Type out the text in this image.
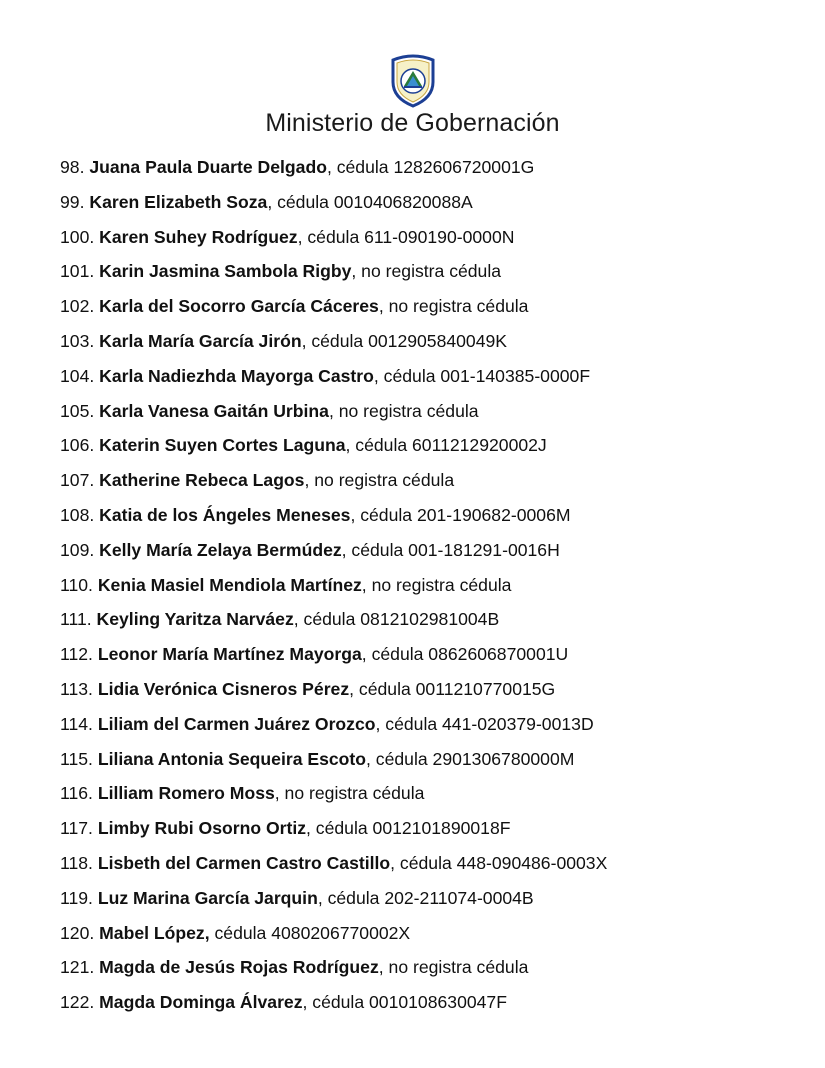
Ministerio de Gobernación
98. Juana Paula Duarte Delgado, cédula 1282606720001G
99. Karen Elizabeth Soza, cédula 0010406820088A
100. Karen Suhey Rodríguez, cédula 611-090190-0000N
101. Karin Jasmina Sambola Rigby, no registra cédula
102. Karla del Socorro García Cáceres, no registra cédula
103. Karla María García Jirón, cédula 0012905840049K
104. Karla Nadiezhda Mayorga Castro, cédula 001-140385-0000F
105. Karla Vanesa Gaitán Urbina, no registra cédula
106. Katerin Suyen Cortes Laguna, cédula 6011212920002J
107. Katherine Rebeca Lagos, no registra cédula
108. Katia de los Ángeles Meneses, cédula 201-190682-0006M
109. Kelly María Zelaya Bermúdez, cédula 001-181291-0016H
110. Kenia Masiel Mendiola Martínez, no registra cédula
111. Keyling Yaritza Narváez, cédula 0812102981004B
112. Leonor María Martínez Mayorga, cédula 0862606870001U
113. Lidia Verónica Cisneros Pérez, cédula 0011210770015G
114. Liliam del Carmen Juárez Orozco, cédula 441-020379-0013D
115. Liliana Antonia Sequeira Escoto, cédula 2901306780000M
116. Lilliam Romero Moss, no registra cédula
117. Limby Rubi Osorno Ortiz, cédula 0012101890018F
118. Lisbeth del Carmen Castro Castillo, cédula 448-090486-0003X
119. Luz Marina García Jarquin, cédula 202-211074-0004B
120. Mabel López, cédula 4080206770002X
121. Magda de Jesús Rojas Rodríguez, no registra cédula
122. Magda Dominga Álvarez, cédula 0010108630047F
